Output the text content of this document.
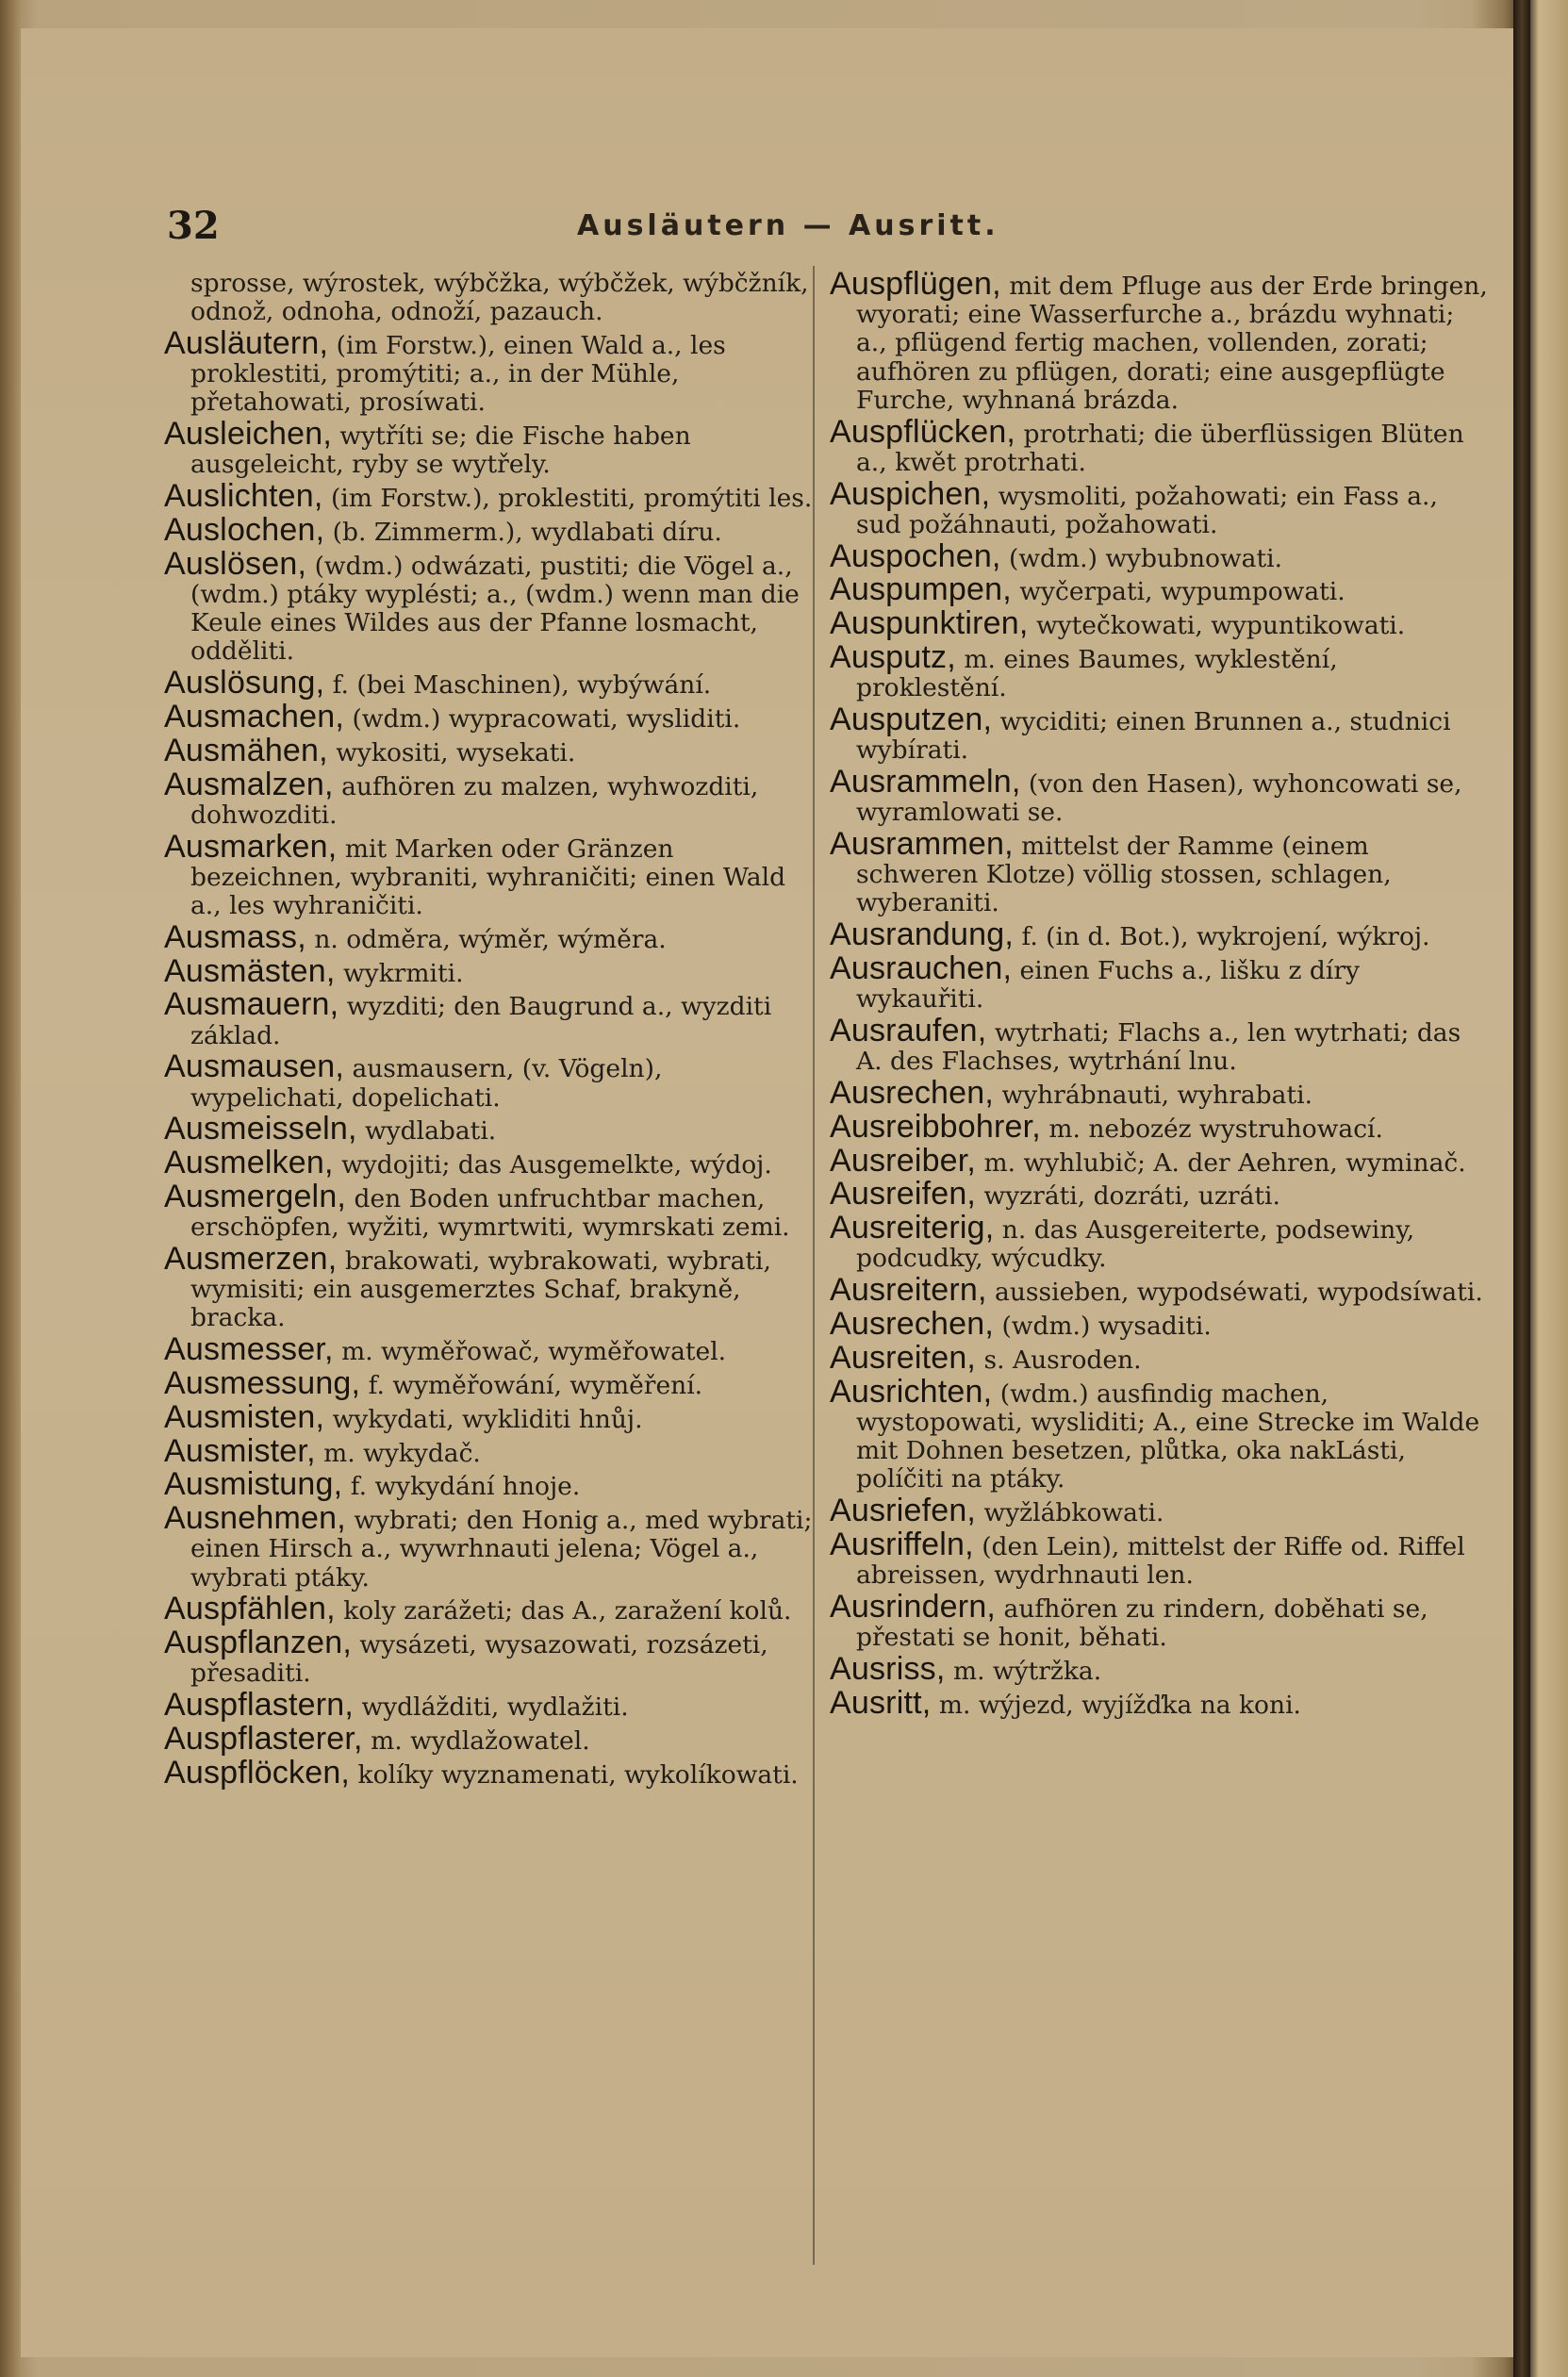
32	Ausläutern — Ausritt.

sprosse, wýrostek, wýbčžka, wýbčžek, wýbčžník, odnož, odnoha, odnoží, pazauch.

Ausläutern, (im Forstw.), einen Wald a., les proklestiti, promýtiti; a., in der Mühle, přetahowati, prosíwati.

Ausleichen, wytříti se; die Fische haben ausgeleicht, ryby se wytřely.

Auslichten, (im Forstw.), proklestiti, promýtiti les.

Auslochen, (b. Zimmerm.), wydlabati díru.

Auslösen, (wdm.) odwázati, pustiti; die Vögel a., (wdm.) ptáky wyplésti; a., (wdm.) wenn man die Keule eines Wildes aus der Pfanne losmacht, odděliti.

Auslösung, f. (bei Maschinen), wybýwání.

Ausmachen, (wdm.) wypracowati, wysliditi.

Ausmähen, wykositi, wysekati.

Ausmalzen, aufhören zu malzen, wyhwozditi, dohwozditi.

Ausmarken, mit Marken oder Gränzen bezeichnen, wybraniti, wyhraničiti; einen Wald a., les wyhraničiti.

Ausmass, n. odměra, wýměr, wýměra.

Ausmästen, wykrmiti.

Ausmauern, wyzditi; den Baugrund a., wyzditi základ.

Ausmausen, ausmausern, (v. Vögeln), wypelichati, dopelichati.

Ausmeisseln, wydlabati.

Ausmelken, wydojiti; das Ausgemelkte, wýdoj.

Ausmergeln, den Boden unfruchtbar machen, erschöpfen, wyžiti, wymrtwiti, wymrskati zemi.

Ausmerzen, brakowati, wybrakowati, wybrati, wymisiti; ein ausgemerztes Schaf, brakyně, bracka.

Ausmesser, m. wyměřowač, wyměřowatel.

Ausmessung, f. wyměřowání, wyměření.

Ausmisten, wykydati, wykliditi hnůj.

Ausmister, m. wykydač.

Ausmistung, f. wykydání hnoje.

Ausnehmen, wybrati; den Honig a., med wybrati; einen Hirsch a., wywrhnauti jelena; Vögel a., wybrati ptáky.

Auspfählen, koly zarážeti; das A., zaražení kolů.

Auspflanzen, wysázeti, wysazowati, rozsázeti, přesaditi.

Auspflastern, wydlážditi, wydlažiti.

Auspflasterer, m. wydlažowatel.

Auspflöcken, kolíky wyznamenati, wykolíkowati.

Auspflügen, mit dem Pfluge aus der Erde bringen, wyorati; eine Wasserfurche a., brázdu wyhnati; a., pflügend fertig machen, vollenden, zorati; aufhören zu pflügen, dorati; eine ausgepflügte Furche, wyhnaná brázda.

Auspflücken, protrhati; die überflüssigen Blüten a., kwět protrhati.

Auspichen, wysmoliti, požahowati; ein Fass a., sud požáhnauti, požahowati.

Auspochen, (wdm.) wybubnowati.

Auspumpen, wyčerpati, wypumpowati.

Auspunktiren, wytečkowati, wypuntikowati.

Ausputz, m. eines Baumes, wyklestění, proklestění.

Ausputzen, wyciditi; einen Brunnen a., studnici wybírati.

Ausrammeln, (von den Hasen), wyhoncowati se, wyramlowati se.

Ausrammen, mittelst der Ramme (einem schweren Klotze) völlig stossen, schlagen, wyberaniti.

Ausrandung, f. (in d. Bot.), wykrojení, wýkroj.

Ausrauchen, einen Fuchs a., lišku z díry wykauřiti.

Ausraufen, wytrhati; Flachs a., len wytrhati; das A. des Flachses, wytrhání lnu.

Ausrechen, wyhrábnauti, wyhrabati.

Ausreibbohrer, m. nebozéz wystruhowací.

Ausreiber, m. wyhlubič; A. der Aehren, wyminač.

Ausreifen, wyzráti, dozráti, uzráti.

Ausreiterig, n. das Ausgereiterte, podsewiny, podcudky, wýcudky.

Ausreitern, aussieben, wypodséwati, wypodsíwati.

Ausrechen, (wdm.) wysaditi.

Ausreiten, s. Ausroden.

Ausrichten, (wdm.) ausfindig machen, wystopowati, wysliditi; A., eine Strecke im Walde mit Dohnen besetzen, plůtka, oka nakLásti, políčiti na ptáky.

Ausriefen, wyžlábkowati.

Ausriffeln, (den Lein), mittelst der Riffe od. Riffel abreissen, wydrhnauti len.

Ausrindern, aufhören zu rindern, doběhati se, přestati se honit, běhati.

Ausriss, m. wýtržka.

Ausritt, m. wýjezd, wyjížďka na koni.
